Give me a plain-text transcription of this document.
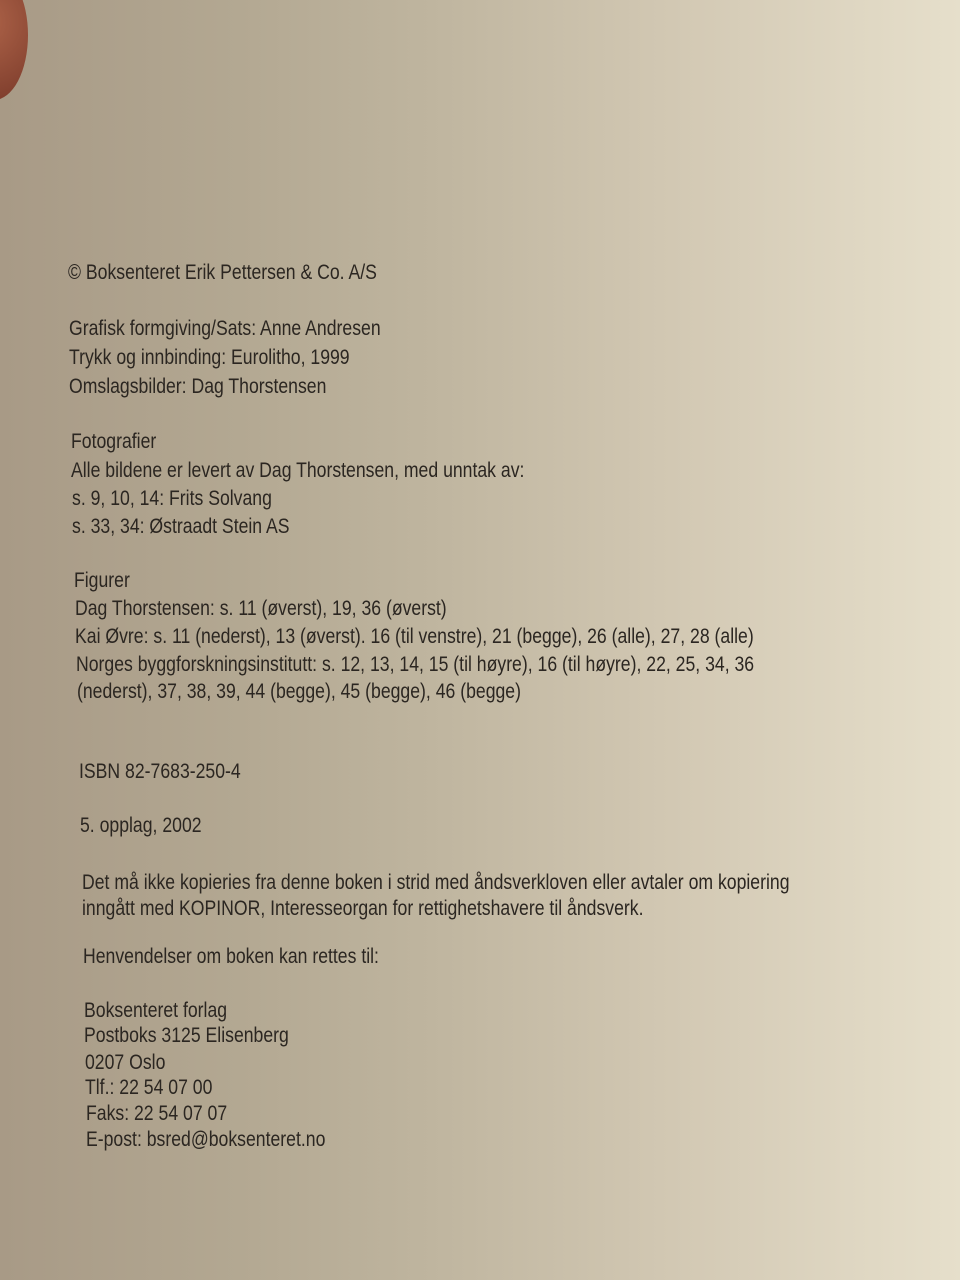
© Boksenteret Erik Pettersen & Co. A/S
Grafisk formgiving/Sats: Anne Andresen
Trykk og innbinding: Eurolitho, 1999
Omslagsbilder: Dag Thorstensen
Fotografier
Alle bildene er levert av Dag Thorstensen, med unntak av:
s. 9, 10, 14: Frits Solvang
s. 33, 34: Østraadt Stein AS
Figurer
Dag Thorstensen: s. 11 (øverst), 19, 36 (øverst)
Kai Øvre: s. 11 (nederst), 13 (øverst). 16 (til venstre), 21 (begge), 26 (alle), 27, 28 (alle)
Norges byggforskningsinstitutt: s. 12, 13, 14, 15 (til høyre), 16 (til høyre), 22, 25, 34, 36
(nederst), 37, 38, 39, 44 (begge), 45 (begge), 46 (begge)
ISBN 82-7683-250-4
5. opplag, 2002
Det må ikke kopieries fra denne boken i strid med åndsverkloven eller avtaler om kopiering
inngått med KOPINOR, Interesseorgan for rettighetshavere til åndsverk.
Henvendelser om boken kan rettes til:
Boksenteret forlag
Postboks 3125 Elisenberg
0207 Oslo
Tlf.: 22 54 07 00
Faks: 22 54 07 07
E-post: bsred@boksenteret.no
